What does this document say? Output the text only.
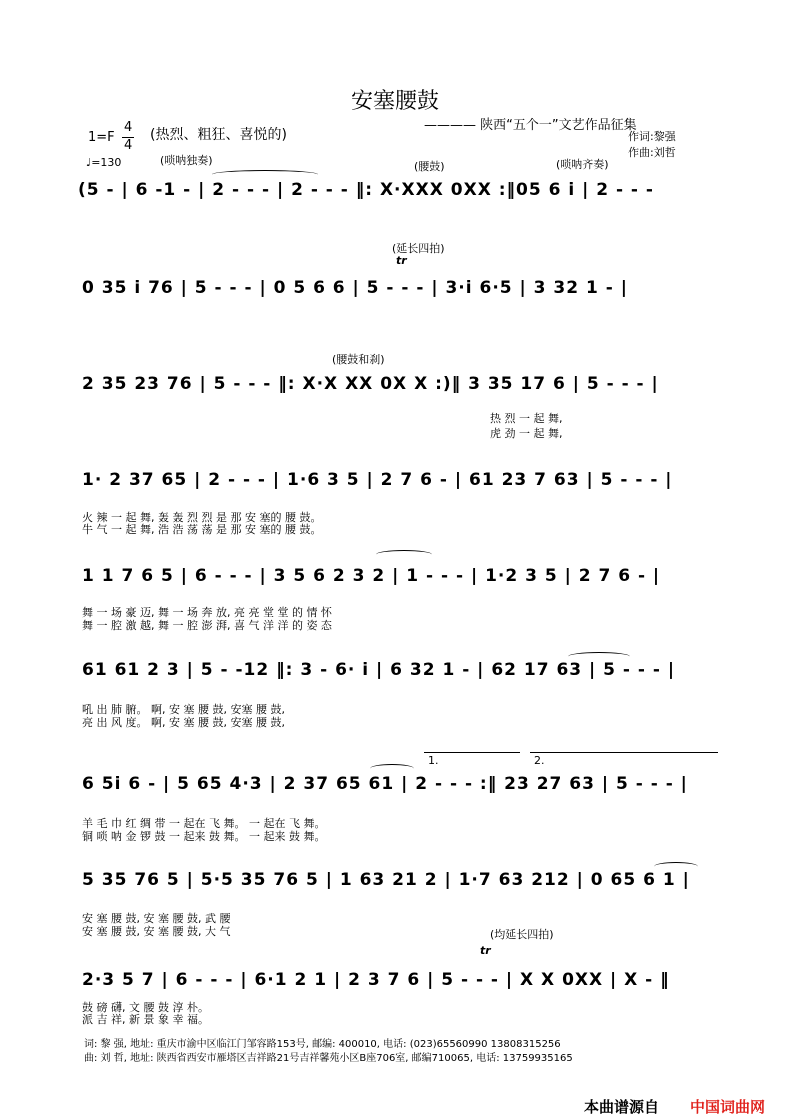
安塞腰鼓
———— 陕西“五个一”文艺作品征集
1=F
4
4
(热烈、粗狂、喜悦的)
♩=130
作词:黎强
作曲:刘哲
(唢呐独奏)	(腰鼓)	(唢呐齐奏)
(延长四拍)
tr
(腰鼓和刹)
1.	2.
(均延长四拍)
tr
(5 - | 6 -1 - | 2 - - - | 2 - - - ‖: X·XXX 0XX :‖05 6 i | 2 - - -
0 35 i 76 | 5 - - - | 0 5 6 6 | 5 - - - | 3·i 6·5 | 3 32 1 - |
2 35 23 76 | 5 - - - ‖: X·X XX 0X X :)‖ 3 35 17 6 | 5 - - - |
热 烈 一 起 舞,
虎 劲 一 起 舞,
1· 2 37 65 | 2 - - - | 1·6 3 5 | 2 7 6 - | 61 23 7 63 | 5 - - - |
火 辣 一 起 舞, 轰 轰 烈 烈 是 那 安 塞的 腰 鼓。
牛 气 一 起 舞, 浩 浩 荡 荡 是 那 安 塞的 腰 鼓。
1 1 7 6 5 | 6 - - - | 3 5 6 2 3 2 | 1 - - - | 1·2 3 5 | 2 7 6 - |
舞 一 场 豪 迈, 舞 一 场 奔 放, 亮 亮 堂 堂 的 情 怀
舞 一 腔 激 越, 舞 一 腔 澎 湃, 喜 气 洋 洋 的 姿 态
61 61 2 3 | 5 - -12 ‖: 3 - 6· i | 6 32 1 - | 62 17 63 | 5 - - - |
吼 出 肺 腑。 啊, 安 塞 腰 鼓, 安塞 腰 鼓,
亮 出 风 度。 啊, 安 塞 腰 鼓, 安塞 腰 鼓,
6 5i 6 - | 5 65 4·3 | 2 37 65 61 | 2 - - - :‖ 23 27 63 | 5 - - - |
羊 毛 巾 红 绸 带 一 起在 飞 舞。 一 起在 飞 舞。
铜 唢 呐 金 锣 鼓 一 起来 鼓 舞。 一 起来 鼓 舞。
5 35 76 5 | 5·5 35 76 5 | 1 63 21 2 | 1·7 63 212 | 0 65 6 1 |
安 塞 腰 鼓, 安 塞 腰 鼓, 武 腰
安 塞 腰 鼓, 安 塞 腰 鼓, 大 气
2·3 5 7 | 6 - - - | 6·1 2 1 | 2 3 7 6 | 5 - - - | X X 0XX | X - ‖
鼓 磅 礴, 文 腰 鼓 淳 朴。
派 吉 祥, 新 景 象 幸 福。
词: 黎 强, 地址: 重庆市渝中区临江门邹容路153号, 邮编: 400010, 电话: (023)65560990 13808315256
曲: 刘 哲, 地址: 陕西省西安市雁塔区吉祥路21号吉祥馨苑小区B座706室, 邮编710065, 电话: 13759935165
本曲谱源自 中国词曲网
